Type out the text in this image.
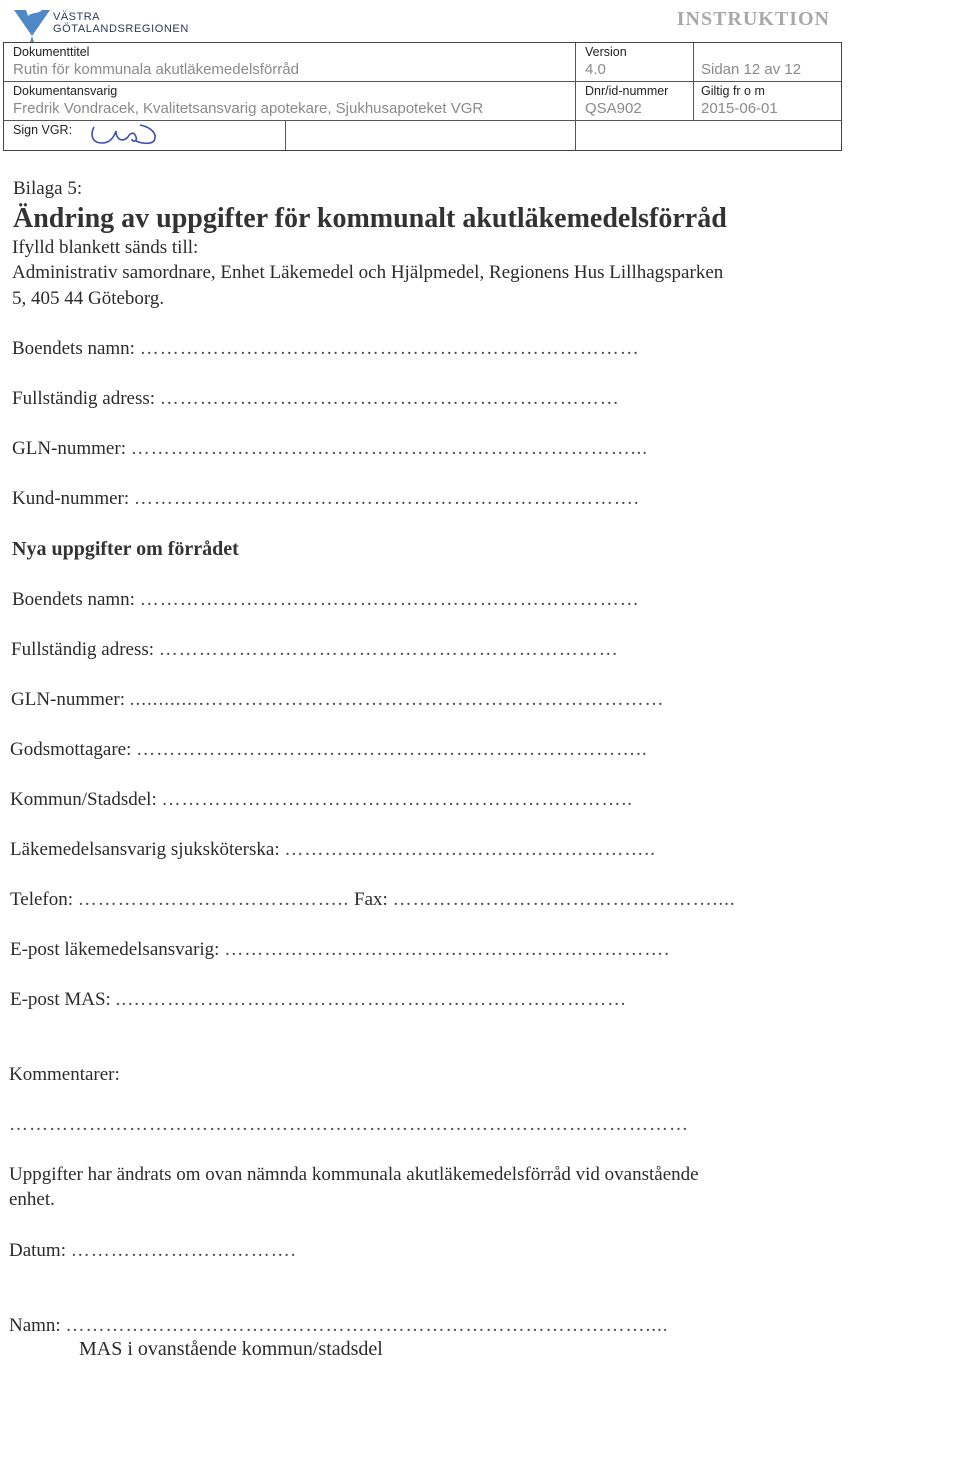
VÄSTRA
GÖTALANDSREGIONEN	INSTRUKTION
Dokumenttitel
Rutin för kommunala akutläkemedelsförråd
Version
4.0	Sidan 12 av 12
Dokumentansvarig
Fredrik Vondracek, Kvalitetsansvarig apotekare, Sjukhusapoteket VGR
Dnr/id-nummer
QSA902
Giltig fr o m
2015-06-01
Sign VGR:
Bilaga 5:
Ändring av uppgifter för kommunalt akutläkemedelsförråd
Ifylld blankett sänds till:
Administrativ samordnare, Enhet Läkemedel och Hjälpmedel, Regionens Hus Lillhagsparken
5, 405 44 Göteborg.
Boendets namn: …………………………………………………………………
Fullständig adress: ……………………………………………………………
GLN-nummer: …………………………………………………………………...
Kund-nummer: ………………………………………………………………….
Nya uppgifter om förrådet
Boendets namn: …………………………………………………………………
Fullständig adress: ……………………………………………………………
GLN-nummer: .............……………………………………………………………
Godsmottagare: …………………………………………………………………..
Kommun/Stadsdel: ……………………………………………………………..
Läkemedelsansvarig sjuksköterska: ………………………………………………..
Telefon: ………………………………….. Fax: …………………………………………....
E-post läkemedelsansvarig: ………………………………………………………….
E-post MAS: ..…………………………………………………………………
Kommentarer:
…………………………………………………………………………………………
Uppgifter har ändrats om ovan nämnda kommunala akutläkemedelsförråd vid ovanstående
enhet.
Datum: …………………………….
Namn: ……………………………………………………………………………....
MAS i ovanstående kommun/stadsdel
